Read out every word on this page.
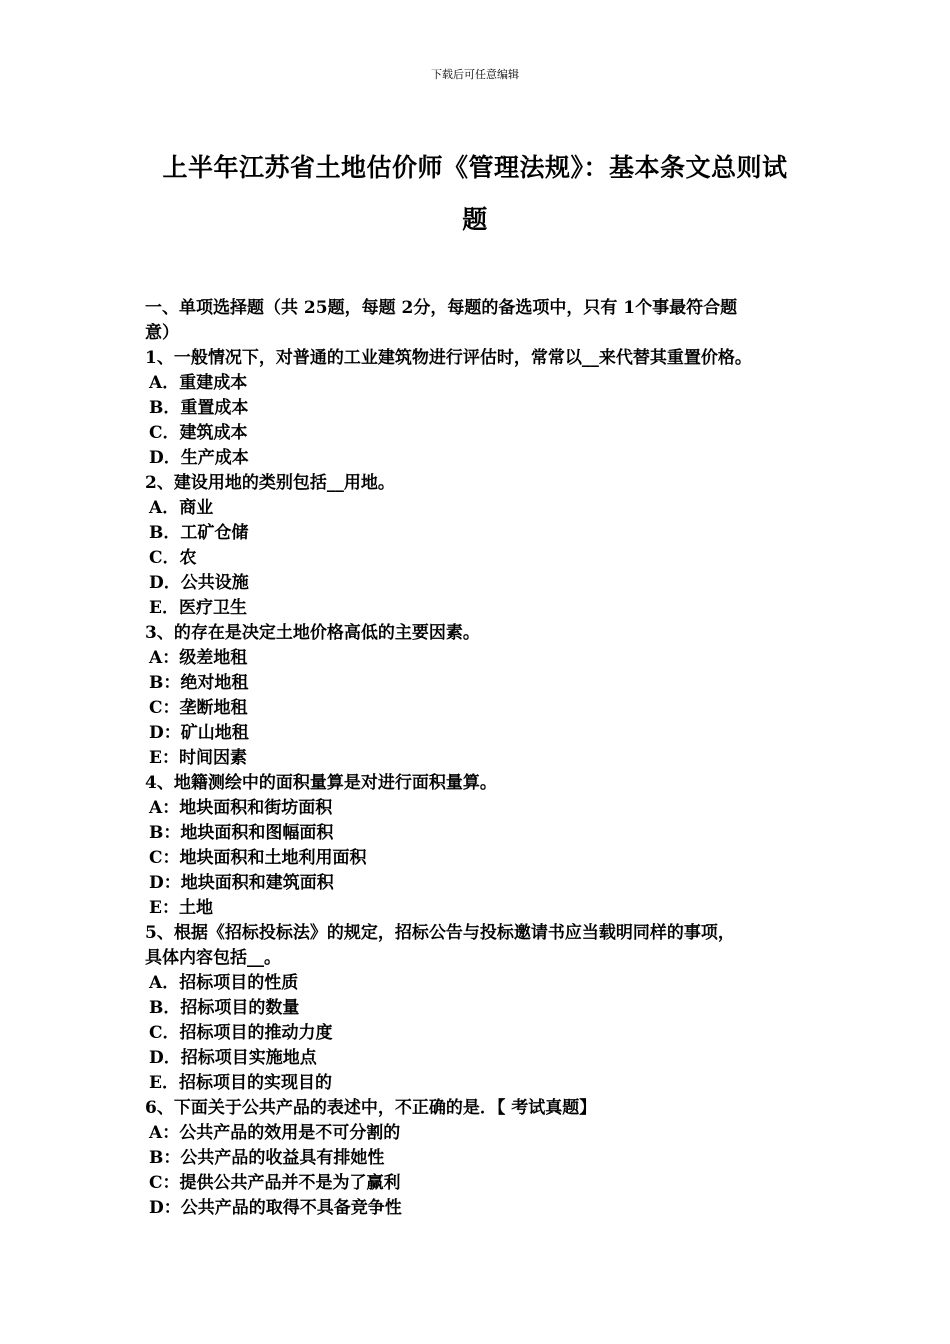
下载后可任意编辑
上半年江苏省土地估价师《管理法规》：基本条文总则试
题
一、单项选择题（共 25题，每题 2分，每题的备选项中，只有 1个事最符合题
意）
1、一般情况下，对普通的工业建筑物进行评估时，常常以__来代替其重置价格。
A．重建成本
B．重置成本
C．建筑成本
D．生产成本
2、建设用地的类别包括__用地。
A．商业
B．工矿仓储
C．农
D．公共设施
E．医疗卫生
3、的存在是决定土地价格高低的主要因素。
A：级差地租
B：绝对地租
C：垄断地租
D：矿山地租
E：时间因素
4、地籍测绘中的面积量算是对进行面积量算。
A：地块面积和街坊面积
B：地块面积和图幅面积
C：地块面积和土地利用面积
D：地块面积和建筑面积
E：土地
5、根据《招标投标法》的规定，招标公告与投标邀请书应当载明同样的事项，
具体内容包括__。
A．招标项目的性质
B．招标项目的数量
C．招标项目的推动力度
D．招标项目实施地点
E．招标项目的实现目的
6、下面关于公共产品的表述中，不正确的是．【 考试真题】
A：公共产品的效用是不可分割的
B：公共产品的收益具有排她性
C：提供公共产品并不是为了赢利
D：公共产品的取得不具备竞争性
